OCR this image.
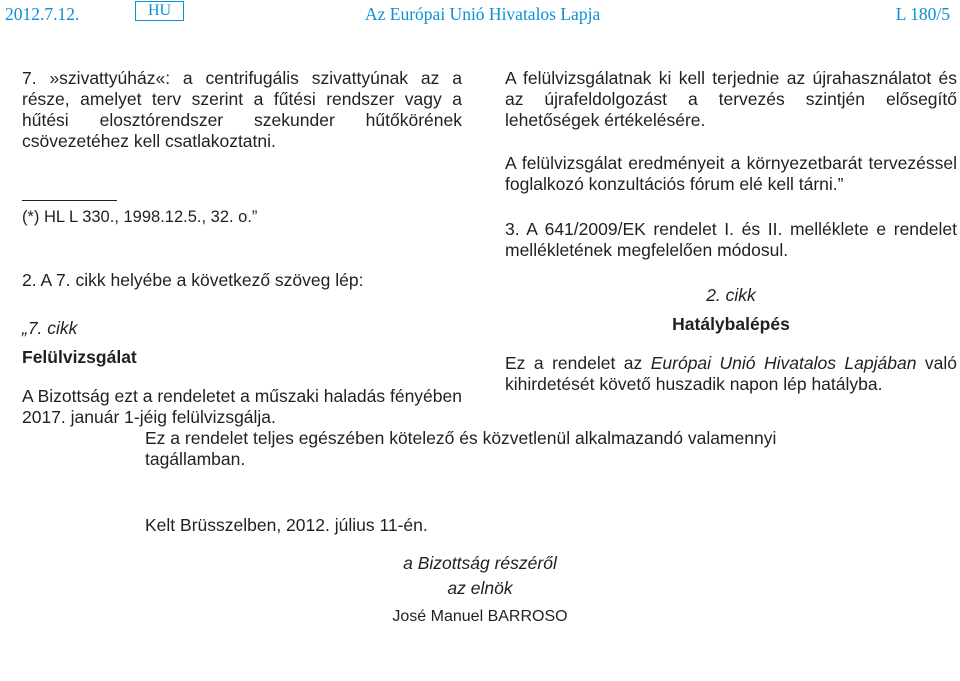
2012.7.12.	HU	Az Európai Unió Hivatalos Lapja	L 180/5

7. »szivattyúház«: a centrifugális szivattyúnak az a része, amelyet terv szerint a fűtési rendszer vagy a hűtési elosztórendszer szekunder hűtőkörének csövezetéhez kell csatlakoztatni.

(*) HL L 330., 1998.12.5., 32. o.”

2. A 7. cikk helyébe a következő szöveg lép:

„7. cikk

Felülvizsgálat

A Bizottság ezt a rendeletet a műszaki haladás fényében 2017. január 1-jéig felülvizsgálja.

A felülvizsgálatnak ki kell terjednie az újrahasználatot és az újrafeldolgozást a tervezés szintjén elősegítő lehetőségek értékelésére.

A felülvizsgálat eredményeit a környezetbarát tervezéssel foglalkozó konzultációs fórum elé kell tárni.”

3. A 641/2009/EK rendelet I. és II. melléklete e rendelet mellékletének megfelelően módosul.

2. cikk

Hatálybalépés

Ez a rendelet az Európai Unió Hivatalos Lapjában való kihirdetését követő huszadik napon lép hatályba.

Ez a rendelet teljes egészében kötelező és közvetlenül alkalmazandó valamennyi tagállamban.

Kelt Brüsszelben, 2012. július 11-én.

a Bizottság részéről
az elnök
José Manuel BARROSO
